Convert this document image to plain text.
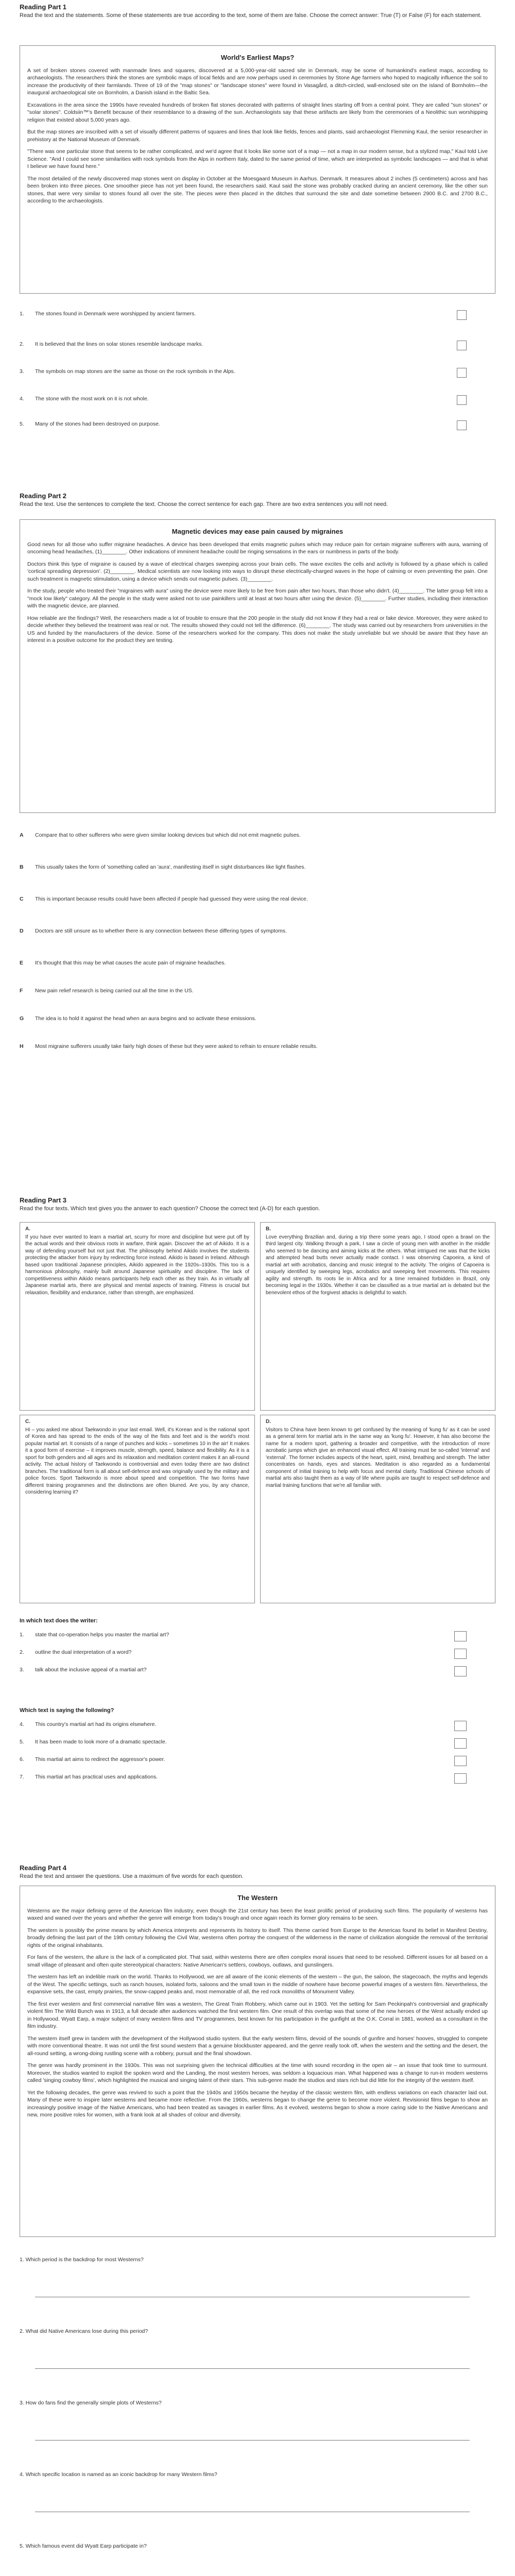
Reading Part 1

Read the text and the statements. Some of these statements are true according to the text, some of them are false. Choose the correct answer: True (T) or False (F) for each statement.

World's Earliest Maps?

A set of broken stones covered with manmade lines and squares, discovered at a 5,000-year-old sacred site in Denmark, may be some of humankind's earliest maps, according to archaeologists. The researchers think the stones are symbolic maps of local fields and are now perhaps used in ceremonies by Stone Age farmers who hoped to magically influence the soil to increase the productivity of their farmlands. Three of 19 of the "map stones" or "landscape stones" were found in Vasagård, a ditch-circled, wall-enclosed site on the island of Bornholm—the inaugural archaeological site on Bornholm, a Danish island in the Baltic Sea.

Excavations in the area since the 1990s have revealed hundreds of broken flat stones decorated with patterns of straight lines starting off from a central point. They are called "sun stones" or "solar stones". Coldsiin™'s Benefit because of their resemblance to a drawing of the sun. Archaeologists say that these artifacts are likely from the ceremonies of a Neolithic sun worshipping religion that existed about 5,000 years ago.

But the map stones are inscribed with a set of visually different patterns of squares and lines that look like fields, fences and plants, said archaeologist Flemming Kaul, the senior researcher in prehistory at the National Museum of Denmark.

"There was one particular stone that seems to be rather complicated, and we'd agree that it looks like some sort of a map — not a map in our modern sense, but a stylized map," Kaul told Live Science. "And I could see some similarities with rock symbols from the Alps in northern Italy, dated to the same period of time, which are interpreted as symbolic landscapes — and that is what I believe we have found here."

The most detailed of the newly discovered map stones went on display in October at the Moesgaard Museum in Aarhus. Denmark. It measures about 2 inches (5 centimeters) across and has been broken into three pieces. One smoother piece has not yet been found, the researchers said. Kaul said the stone was probably cracked during an ancient ceremony, like the other sun stones, that were very similar to stones found all over the site. The pieces were then placed in the ditches that surround the site and date sometime between 2900 B.C. and 2700 B.C., according to the archaeologists.

1.	The stones found in Denmark were worshipped by ancient farmers.
2.	It is believed that the lines on solar stones resemble landscape marks.
3.	The symbols on map stones are the same as those on the rock symbols in the Alps.
4.	The stone with the most work on it is not whole.
5.	Many of the stones had been destroyed on purpose.

Reading Part 2

Read the text. Use the sentences to complete the text. Choose the correct sentence for each gap. There are two extra sentences you will not need.

Magnetic devices may ease pain caused by migraines

Good news for all those who suffer migraine headaches. A device has been developed that emits magnetic pulses which may reduce pain for certain migraine sufferers with aura, warning of oncoming head headaches, (1)________. Other indications of imminent headache could be ringing sensations in the ears or numbness in parts of the body.

Doctors think this type of migraine is caused by a wave of electrical charges sweeping across your brain cells. The wave excites the cells and activity is followed by a phase which is called 'cortical spreading depression'. (2)________. Medical scientists are now looking into ways to disrupt these electrically-charged waves in the hope of calming or even preventing the pain. One such treatment is magnetic stimulation, using a device which sends out magnetic pulses. (3)________.

In the study, people who treated their "migraines with aura" using the device were more likely to be free from pain after two hours, than those who didn't. (4)________. The latter group felt into a "mock low likely" category. All the people in the study were asked not to use painkillers until at least at two hours after using the device. (5)________. Further studies, including their interaction with the magnetic device, are planned.

How reliable are the findings? Well, the researchers made a lot of trouble to ensure that the 200 people in the study did not know if they had a real or fake device. Moreover, they were asked to decide whether they believed the treatment was real or not. The results showed they could not tell the difference. (6)________. The study was carried out by researchers from universities in the US and funded by the manufacturers of the device. Some of the researchers worked for the company. This does not make the study unreliable but we should be aware that they have an interest in a positive outcome for the product they are testing.

A	Compare that to other sufferers who were given similar looking devices but which did not emit magnetic pulses.
B	This usually takes the form of 'something called an 'aura', manifesting itself in sight disturbances like light flashes.
C	This is important because results could have been affected if people had guessed they were using the real device.
D	Doctors are still unsure as to whether there is any connection between these differing types of symptoms.
E	It's thought that this may be what causes the acute pain of migraine headaches.
F	New pain relief research is being carried out all the time in the US.
G	The idea is to hold it against the head when an aura begins and so activate these emissions.
H	Most migraine sufferers usually take fairly high doses of these but they were asked to refrain to ensure reliable results.

Reading Part 3

Read the four texts. Which text gives you the answer to each question? Choose the correct text (A-D) for each question.

A.
If you have ever wanted to learn a martial art, scurry for more and discipline but were put off by the actual words and their obvious roots in warfare, think again. Discover the art of Aikido. It is a way of defending yourself but not just that. The philosophy behind Aikido involves the students protecting the attacker from injury by redirecting force instead. Aikido is based in Ireland. Although based upon traditional Japanese principles, Aikido appeared in the 1920s–1930s. This too is a harmonious philosophy, mainly built around Japanese spirituality and discipline. The lack of competitiveness within Aikido means participants help each other as they train. As in virtually all Japanese martial arts, there are physical and mental aspects of training. Fitness is crucial but relaxation, flexibility and endurance, rather than strength, are emphasized.
B.
Love everything Brazilian and, during a trip there some years ago, I stood open a brawl on the third largest city. Walking through a park, I saw a circle of young men with another in the middle who seemed to be dancing and aiming kicks at the others. What intrigued me was that the kicks and attempted head butts never actually made contact. I was observing Capoeira, a kind of martial art with acrobatics, dancing and music integral to the activity. The origins of Capoeira is uniquely identified by sweeping legs, acrobatics and sweeping feet movements. This requires agility and strength. Its roots lie in Africa and for a time remained forbidden in Brazil, only becoming legal in the 1930s. Whether it can be classified as a true martial art is debated but the benevolent ethos of the forgivest attacks is delightful to watch.
C.
Hi – you asked me about Taekwondo in your last email. Well, it's Korean and is the national sport of Korea and has spread to the ends of the way of the fists and feet and is the world's most popular martial art. It consists of a range of punches and kicks – sometimes 10 in the air! It makes it a good form of exercise – it improves muscle, strength, speed, balance and flexibility. As it is a sport for both genders and all ages and its relaxation and meditation content makes it an all-round activity. The actual history of Taekwondo is controversial and even today there are two distinct branches. The traditional form is all about self-defence and was originally used by the military and police forces. Sport Taekwondo is more about speed and competition. The two forms have different training programmes and the distinctions are often blurred. Are you, by any chance, considering learning it?
D.
Visitors to China have been known to get confused by the meaning of 'kung fu' as it can be used as a general term for martial arts in the same way as 'kung fu'. However, it has also become the name for a modern sport, gathering a broader and competitive, with the introduction of more acrobatic jumps which give an enhanced visual effect. All training must be so-called 'internal' and 'external'. The former includes aspects of the heart, spirit, mind, breathing and strength. The latter concentrates on hands, eyes and stances. Meditation is also regarded as a fundamental component of initial training to help with focus and mental clarity. Traditional Chinese schools of martial arts also taught them as a way of life where pupils are taught to respect self-defence and martial training functions that we're all familiar with.
In which text does the writer:
1.	state that co-operation helps you master the martial art?
2.	outline the dual interpretation of a word?
3.	talk about the inclusive appeal of a martial art?
Which text is saying the following?
4.	This country's martial art had its origins elsewhere.
5.	It has been made to look more of a dramatic spectacle.
6.	This martial art aims to redirect the aggressor's power.
7.	This martial art has practical uses and applications.

Reading Part 4

Read the text and answer the questions. Use a maximum of five words for each question.

The Western

Westerns are the major defining genre of the American film industry, even though the 21st century has been the least prolific period of producing such films. The popularity of westerns has waxed and waned over the years and whether the genre will emerge from today's trough and once again reach its former glory remains to be seen.

The western is possibly the prime means by which America interprets and represents its history to itself. This theme carried from Europe to the Americas found its belief in Manifest Destiny, broadly defining the last part of the 19th century following the Civil War, westerns often portray the conquest of the wilderness in the name of civilization alongside the removal of the territorial rights of the original inhabitants.

For fans of the western, the allure is the lack of a complicated plot. That said, within westerns there are often complex moral issues that need to be resolved. Different issues for all based on a small village of pleasant and often quite stereotypical characters: Native American's settlers, cowboys, outlaws, and gunslingers.

The western has left an indelible mark on the world. Thanks to Hollywood, we are all aware of the iconic elements of the western – the gun, the saloon, the stagecoach, the myths and legends of the West. The specific settings, such as ranch houses, isolated forts, saloons and the small town in the middle of nowhere have become powerful images of a western film. Nevertheless, the expansive sets, the cast, empty prairies, the snow-capped peaks and, most memorable of all, the red rock monoliths of Monument Valley.

The first ever western and first commercial narrative film was a western, The Great Train Robbery, which came out in 1903. Yet the setting for Sam Peckinpah's controversial and graphically violent film The Wild Bunch was in 1913, a full decade after audiences watched the first western film. One result of this overlap was that some of the new heroes of the West actually ended up in Hollywood. Wyatt Earp, a major subject of many western films and TV programmes, best known for his participation in the gunfight at the O.K. Corral in 1881, worked as a consultant in the film industry.

The western itself grew in tandem with the development of the Hollywood studio system. But the early western films, devoid of the sounds of gunfire and horses' hooves, struggled to compete with more conventional theatre. It was not until the first sound western that a genuine blockbuster appeared, and the genre really took off, when the western and the setting and the desert, the all-round setting, a wrong-doing rustling scene with a robbery, pursuit and the final showdown.

The genre was hardly prominent in the 1930s. This was not surprising given the technical difficulties at the time with sound recording in the open air – an issue that took time to surmount. Moreover, the studios wanted to exploit the spoken word and the Landing, the most western heroes, was seldom a loquacious man. What happened was a change to run-in modern westerns called 'singing cowboy films', which highlighted the musical and singing talent of their stars. This sub-genre made the studios and stars rich but did little for the integrity of the western itself.

Yet the following decades, the genre was revived to such a point that the 1940s and 1950s became the heyday of the classic western film, with endless variations on each character laid out. Many of these were to inspire later westerns and became more reflective. From the 1960s, westerns began to change the genre to become more violent. Revisionist films began to show an increasingly positive image of the Native Americans, who had been treated as savages in earlier films. As it evolved, westerns began to show a more caring side to the Native Americans and new, more positive roles for women, with a frank look at all shades of colour and diversity.

1. Which period is the backdrop for most Westerns?
2. What did Native Americans lose during this period?
3. How do fans find the generally simple plots of Westerns?
4. Which specific location is named as an iconic backdrop for many Western films?
5. Which famous event did Wyatt Earp participate in?
